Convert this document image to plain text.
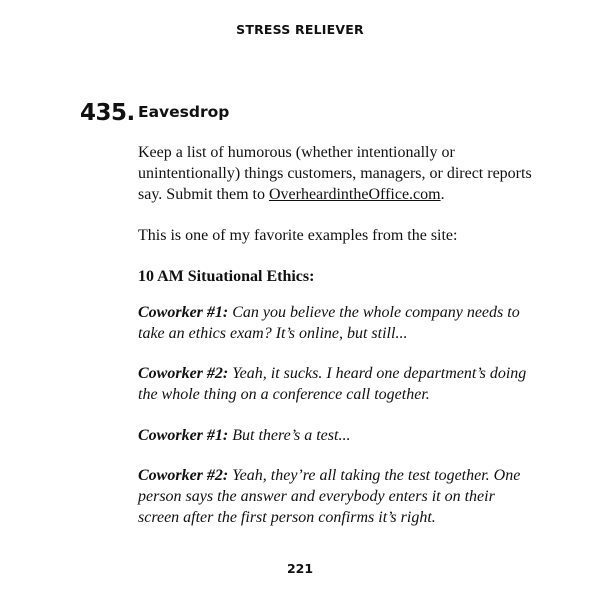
STRESS RELIEVER
435. Eavesdrop

Keep a list of humorous (whether intentionally or unintentionally) things customers, managers, or direct reports say. Submit them to OverheardintheOffice.com.

This is one of my favorite examples from the site:

10 AM Situational Ethics:

Coworker #1: Can you believe the whole company needs to take an ethics exam? It’s online, but still...

Coworker #2: Yeah, it sucks. I heard one department’s doing the whole thing on a conference call together.

Coworker #1: But there’s a test...

Coworker #2: Yeah, they’re all taking the test together. One person says the answer and everybody enters it on their screen after the first person confirms it’s right.

221
